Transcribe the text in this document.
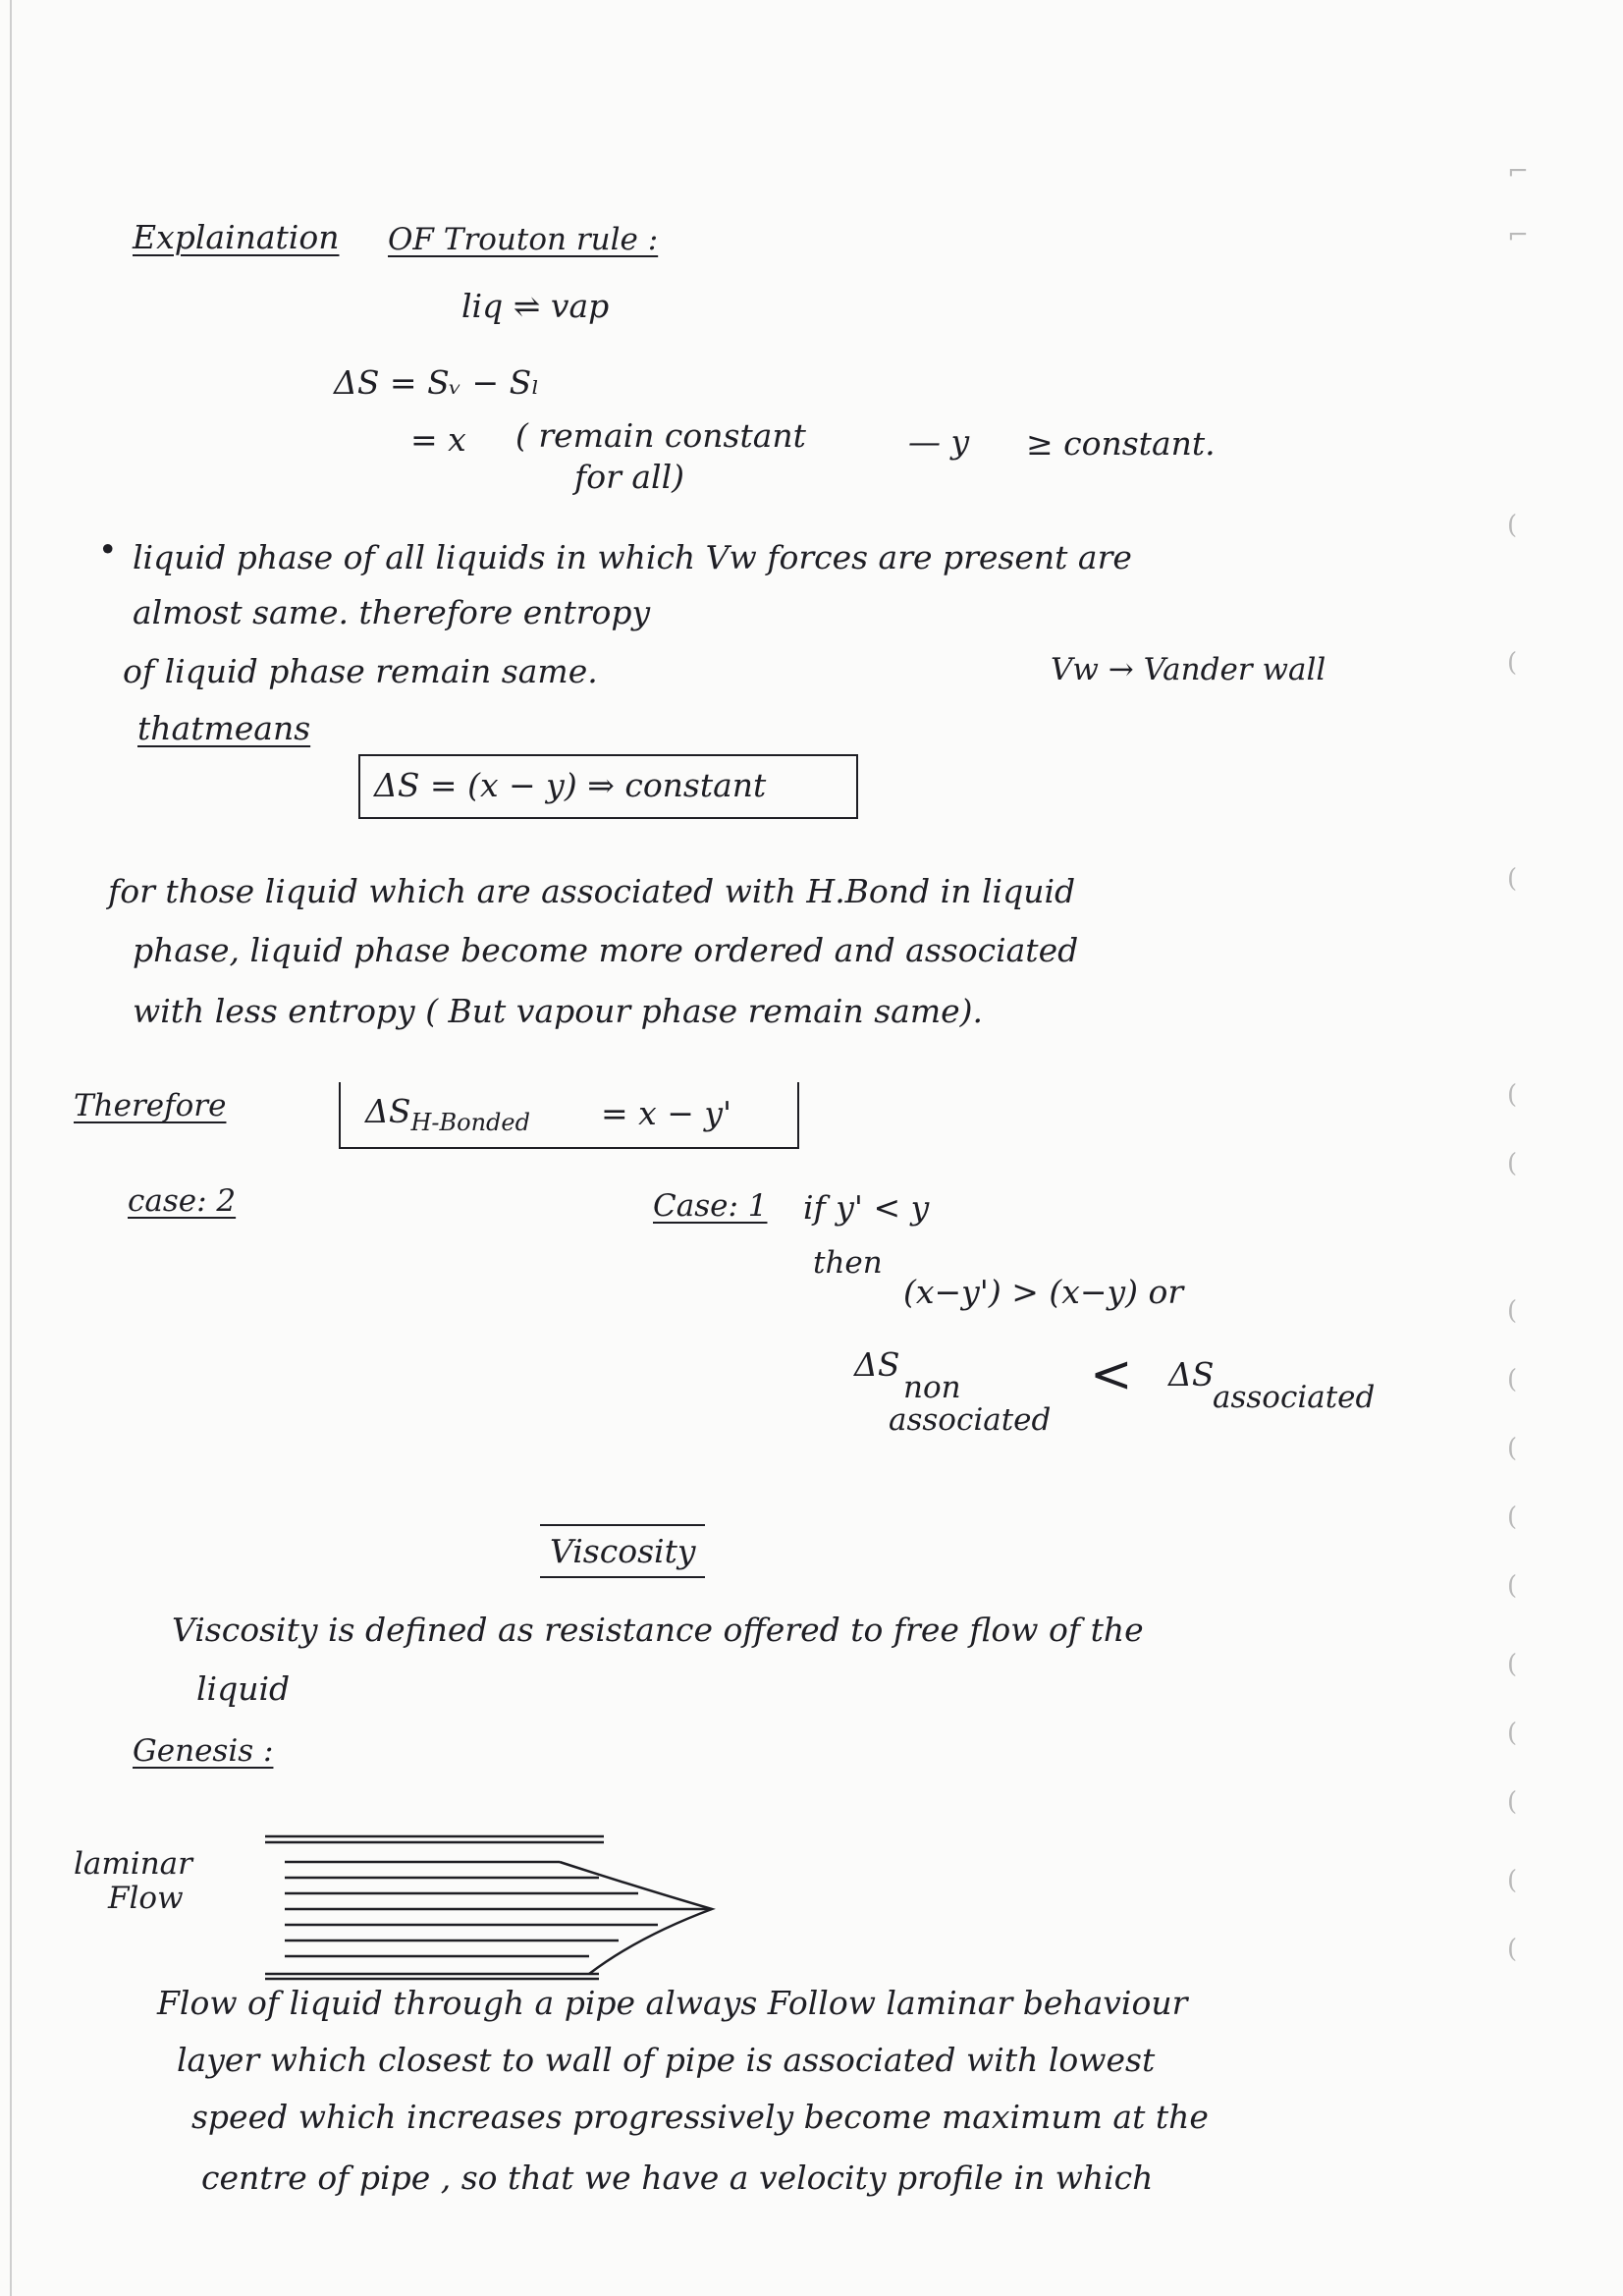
Explaination OF Trouton rule :
liq ⇌ vap
ΔS = Sᵥ − Sₗ
= x ( remain constant
for all)
— y ≥ constant.
• liquid phase of all liquids in which Vw forces are present are
almost same. therefore entropy
of liquid phase remain same.	Vw → Vander wall
thatmeans
ΔS = (x − y) ⇒ constant
for those liquid which are associated with H.Bond in liquid
phase, liquid phase become more ordered and associated
with less entropy ( But vapour phase remain same).
Therefore	$\Delta S_{H-Bonded} = x - y'$
case: 2	Case: 1 if y' < y
then
(x−y') > (x−y) or
ΔS
non
associated
< ΔS
associated
Viscosity
Viscosity is defined as resistance offered to free flow of the
liquid
Genesis :
laminar
Flow
Flow of liquid through a pipe always Follow laminar behaviour
layer which closest to wall of pipe is associated with lowest
speed which increases progressively become maximum at the
centre of pipe , so that we have a velocity profile in which
⌐
⌐
(
(
(
(
(
(
(
(
(
(
(
(
(
(
(
